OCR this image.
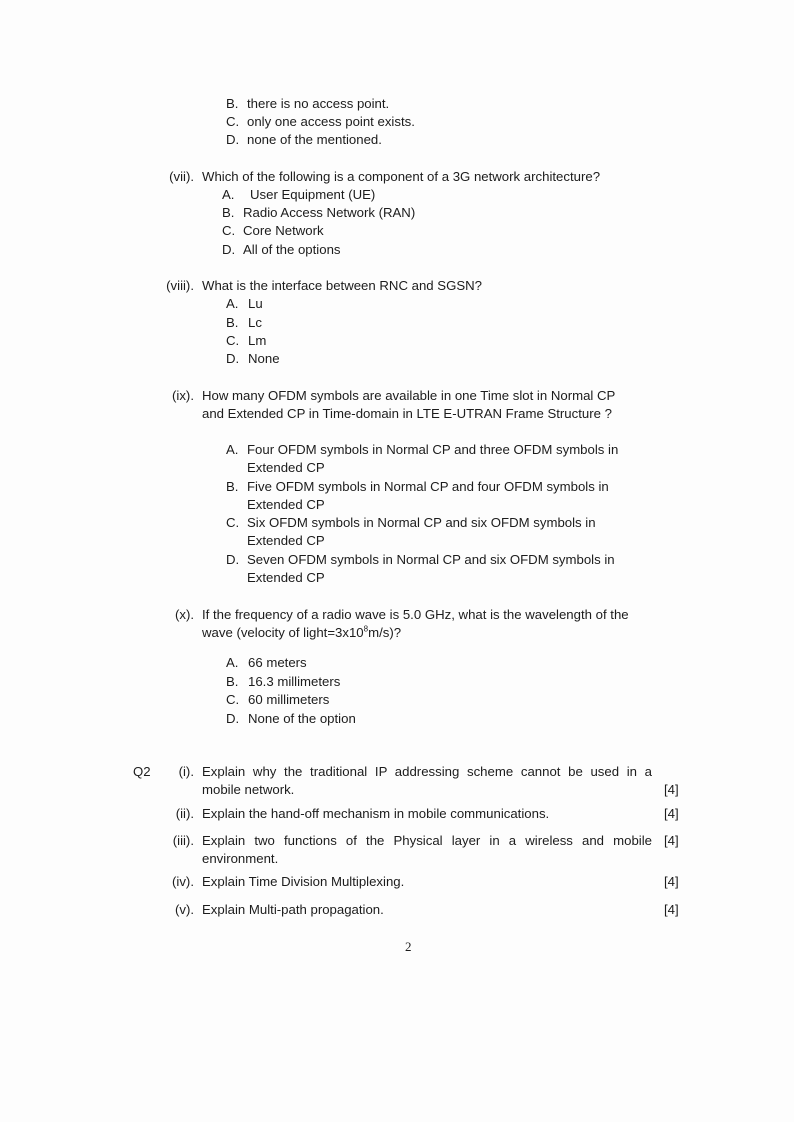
B. there is no access point.
C. only one access point exists.
D. none of the mentioned.
(vii). Which of the following is a component of a 3G network architecture?
A. User Equipment (UE)
B. Radio Access Network (RAN)
C. Core Network
D. All of the options
(viii). What is the interface between RNC and SGSN?
A. Lu
B. Lc
C. Lm
D. None
(ix). How many OFDM symbols are available in one Time slot in Normal CP
and Extended CP in Time-domain in LTE E-UTRAN Frame Structure ?
A. Four OFDM symbols in Normal CP and three OFDM symbols in
Extended CP
B. Five OFDM symbols in Normal CP and four OFDM symbols in
Extended CP
C. Six OFDM symbols in Normal CP and six OFDM symbols in
Extended CP
D. Seven OFDM symbols in Normal CP and six OFDM symbols in
Extended CP
(x). If the frequency of a radio wave is 5.0 GHz, what is the wavelength of the
wave (velocity of $light=3x10^8m/s$)?
A. 66 meters
B. 16.3 millimeters
C. 60 millimeters
D. None of the option
Q2	(i). Explain why the traditional IP addressing scheme cannot be used in a
mobile network.	[4]
(ii). Explain the hand-off mechanism in mobile communications.	[4]
(iii). Explain two functions of the Physical layer in a wireless and mobile [4]
environment.
(iv). Explain Time Division Multiplexing.	[4]
(v). Explain Multi-path propagation.	[4]
2
